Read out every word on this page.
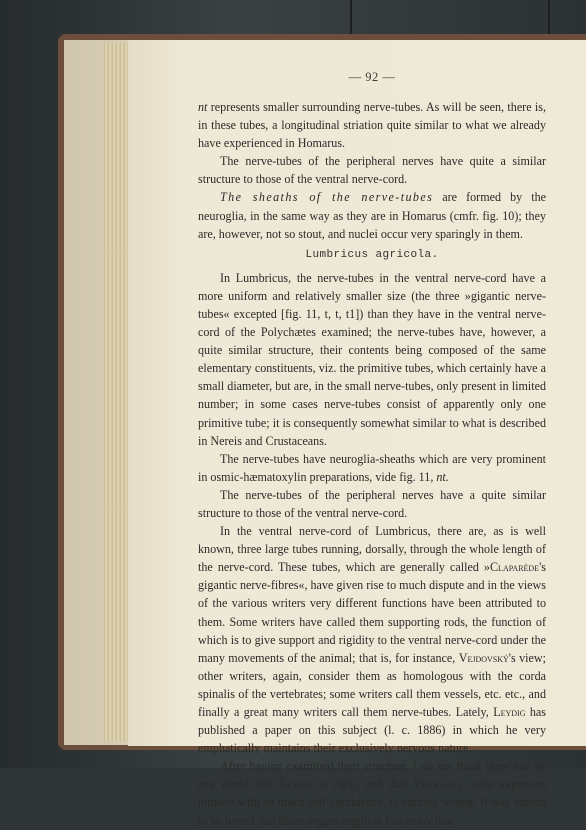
— 92 —

nt represents smaller surrounding nerve-tubes. As will be seen, there is, in these tubes, a longitudinal striation quite similar to what we already have experienced in Homarus.

The nerve-tubes of the peripheral nerves have quite a similar structure to those of the ventral nerve-cord.

The sheaths of the nerve-tubes are formed by the neuroglia, in the same way as they are in Homarus (cmfr. fig. 10); they are, however, not so stout, and nuclei occur very sparingly in them.

Lumbricus agricola.

In Lumbricus, the nerve-tubes in the ventral nerve-cord have a more uniform and relatively smaller size (the three »gigantic nerve-tubes« excepted [fig. 11, t, t, t1]) than they have in the ventral nerve-cord of the Polychætes examined; the nerve-tubes have, however, a quite similar structure, their contents being composed of the same elementary constituents, viz. the primitive tubes, which certainly have a small diameter, but are, in the small nerve-tubes, only present in limited number; in some cases nerve-tubes consist of apparently only one primitive tube; it is consequently somewhat similar to what is described in Nereis and Crustaceans.

The nerve-tubes have neuroglia-sheaths which are very prominent in osmic-hæmatoxylin preparations, vide fig. 11, nt.

The nerve-tubes of the peripheral nerves have a quite similar structure to those of the ventral nerve-cord.

In the ventral nerve-cord of Lumbricus, there are, as is well known, three large tubes running, dorsally, through the whole length of the nerve-cord. These tubes, which are generally called »Claparède's gigantic nerve-fibres«, have given rise to much dispute and in the views of the various writers very different functions have been attributed to them. Some writers have called them supporting rods, the function of which is to give support and rigidity to the ventral nerve-cord under the many movements of the animal; that is, for instance, Vejdovský's view; other writers, again, consider them as homologous with the corda spinalis of the vertebrates; some writers call them vessels, etc. etc., and finally a great many writers call them nerve-tubes. Lately, Leydig has published a paper on this subject (l. c. 1886) in which he very emphatically maintains their exclusively nervous nature.

After having examined their structure, I do not think there can be any doubt that Leydig is right, and that Vejdovský, who expresses himself with so much self-confidence, is entirely wrong. It was indeed to be hoped that those organs might at last enjoy that
